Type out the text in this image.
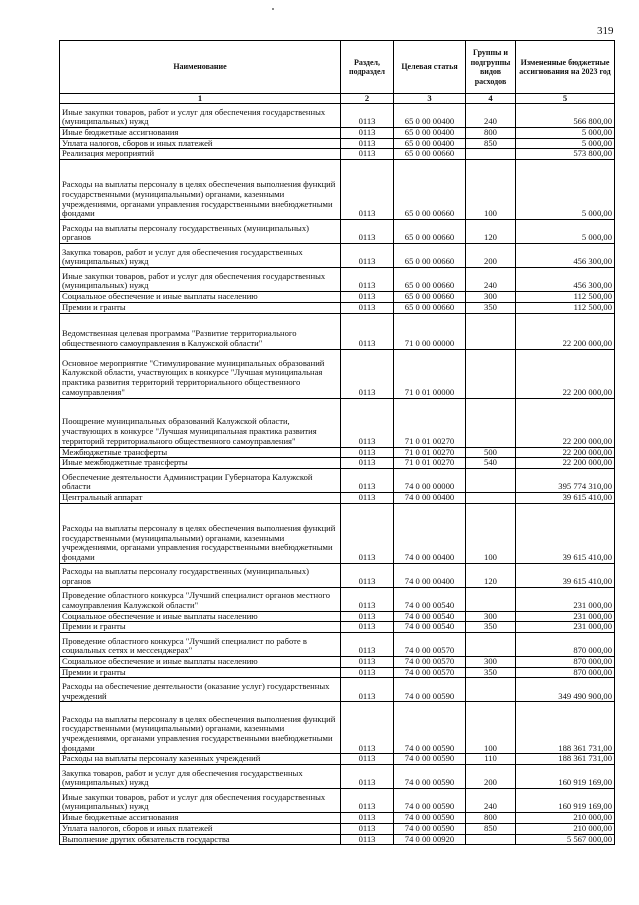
319
Наименование	Раздел, подраздел	Целевая статья	Группы и подгруппы видов расходов	Измененные бюджетные ассигнования на 2023 год
1	2	3	4	5
Иные закупки товаров, работ и услуг для обеспечения государственных (муниципальных) нужд	0113	65 0 00 00400	240	566 800,00
Иные бюджетные ассигнования	0113	65 0 00 00400	800	5 000,00
Уплата налогов, сборов и иных платежей	0113	65 0 00 00400	850	5 000,00
Реализация мероприятий	0113	65 0 00 00660		573 800,00
Расходы на выплаты персоналу в целях обеспечения выполнения функций государственными (муниципальными) органами, казенными учреждениями, органами управления государственными внебюджетными фондами	0113	65 0 00 00660	100	5 000,00
Расходы на выплаты персоналу государственных (муниципальных) органов	0113	65 0 00 00660	120	5 000,00
Закупка товаров, работ и услуг для обеспечения государственных (муниципальных) нужд	0113	65 0 00 00660	200	456 300,00
Иные закупки товаров, работ и услуг для обеспечения государственных (муниципальных) нужд	0113	65 0 00 00660	240	456 300,00
Социальное обеспечение и иные выплаты населению	0113	65 0 00 00660	300	112 500,00
Премии и гранты	0113	65 0 00 00660	350	112 500,00
Ведомственная целевая программа "Развитие территориального общественного самоуправления в Калужской области"	0113	71 0 00 00000		22 200 000,00
Основное мероприятие "Стимулирование муниципальных образований Калужской области, участвующих в конкурсе "Лучшая муниципальная практика развития территорий территориального общественного самоуправления"	0113	71 0 01 00000		22 200 000,00
Поощрение муниципальных образований Калужской области, участвующих в конкурсе "Лучшая муниципальная практика развития территорий территориального общественного самоуправления"	0113	71 0 01 00270		22 200 000,00
Межбюджетные трансферты	0113	71 0 01 00270	500	22 200 000,00
Иные межбюджетные трансферты	0113	71 0 01 00270	540	22 200 000,00
Обеспечение деятельности Администрации Губернатора Калужской области	0113	74 0 00 00000		395 774 310,00
Центральный аппарат	0113	74 0 00 00400		39 615 410,00
Расходы на выплаты персоналу в целях обеспечения выполнения функций государственными (муниципальными) органами, казенными учреждениями, органами управления государственными внебюджетными фондами	0113	74 0 00 00400	100	39 615 410,00
Расходы на выплаты персоналу государственных (муниципальных) органов	0113	74 0 00 00400	120	39 615 410,00
Проведение областного конкурса "Лучший специалист органов местного самоуправления Калужской области"	0113	74 0 00 00540		231 000,00
Социальное обеспечение и иные выплаты населению	0113	74 0 00 00540	300	231 000,00
Премии и гранты	0113	74 0 00 00540	350	231 000,00
Проведение областного конкурса "Лучший специалист по работе в социальных сетях и мессенджерах"	0113	74 0 00 00570		870 000,00
Социальное обеспечение и иные выплаты населению	0113	74 0 00 00570	300	870 000,00
Премии и гранты	0113	74 0 00 00570	350	870 000,00
Расходы на обеспечение деятельности (оказание услуг) государственных учреждений	0113	74 0 00 00590		349 490 900,00
Расходы на выплаты персоналу в целях обеспечения выполнения функций государственными (муниципальными) органами, казенными учреждениями, органами управления государственными внебюджетными фондами	0113	74 0 00 00590	100	188 361 731,00
Расходы на выплаты персоналу казенных учреждений	0113	74 0 00 00590	110	188 361 731,00
Закупка товаров, работ и услуг для обеспечения государственных (муниципальных) нужд	0113	74 0 00 00590	200	160 919 169,00
Иные закупки товаров, работ и услуг для обеспечения государственных (муниципальных) нужд	0113	74 0 00 00590	240	160 919 169,00
Иные бюджетные ассигнования	0113	74 0 00 00590	800	210 000,00
Уплата налогов, сборов и иных платежей	0113	74 0 00 00590	850	210 000,00
Выполнение других обязательств государства	0113	74 0 00 00920		5 567 000,00
